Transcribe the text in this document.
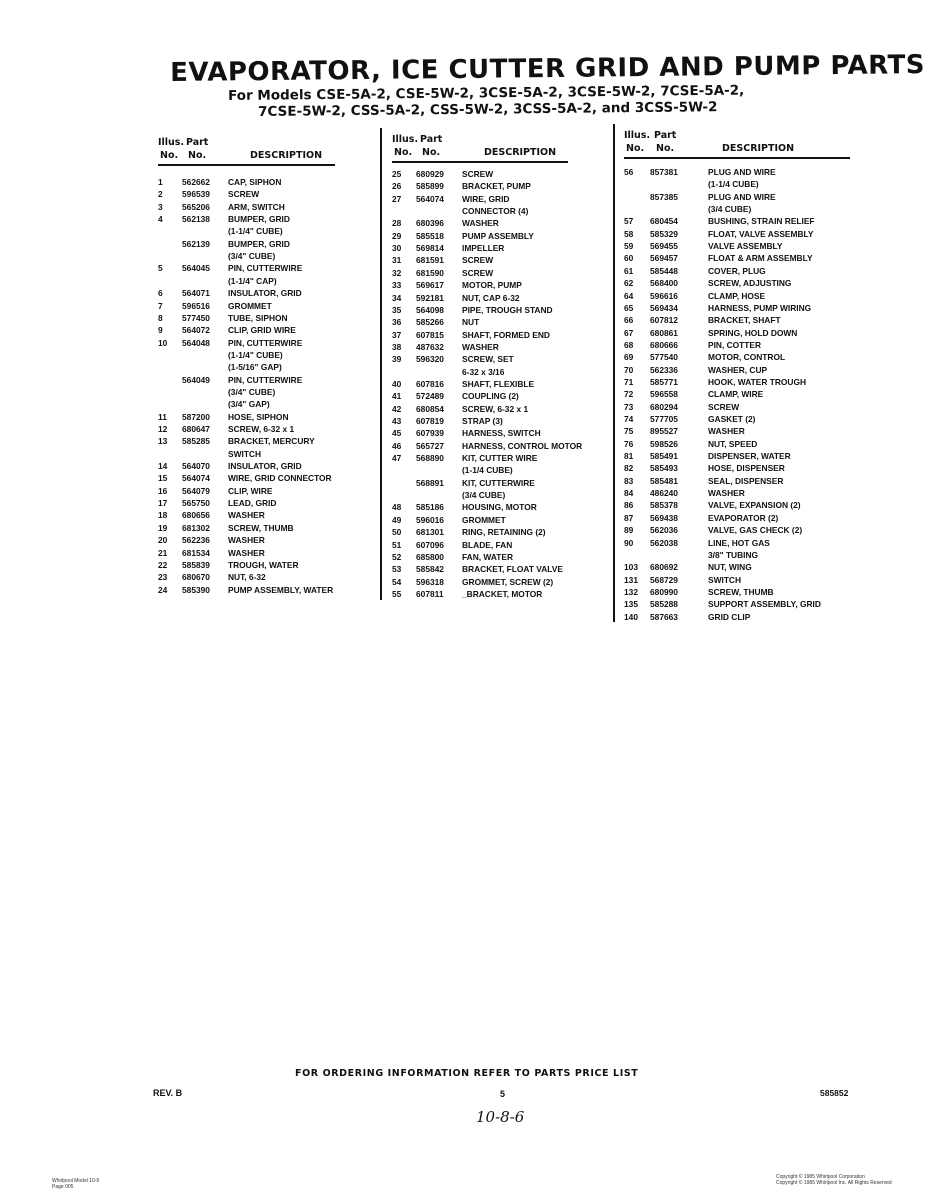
EVAPORATOR, ICE CUTTER GRID AND PUMP PARTS
For Models CSE-5A-2, CSE-5W-2, 3CSE-5A-2, 3CSE-5W-2, 7CSE-5A-2,
7CSE-5W-2, CSS-5A-2, CSS-5W-2, 3CSS-5A-2, and 3CSS-5W-2
Illus.
No.
Part
No.	DESCRIPTION
1 562662 CAP, SIPHON
2 596539 SCREW
3 565206 ARM, SWITCH
4 562138 BUMPER, GRID
(1-1/4" CUBE)
562139 BUMPER, GRID
(3/4" CUBE)
5 564045 PIN, CUTTERWIRE
(1-1/4" CAP)
6 564071 INSULATOR, GRID
7 596516 GROMMET
8 577450 TUBE, SIPHON
9 564072 CLIP, GRID WIRE
10 564048 PIN, CUTTERWIRE
(1-1/4" CUBE)
(1-5/16" GAP)
564049 PIN, CUTTERWIRE
(3/4" CUBE)
(3/4" GAP)
11 587200 HOSE, SIPHON
12 680647 SCREW, 6-32 x 1
13 585285 BRACKET, MERCURY
SWITCH
14 564070 INSULATOR, GRID
15 564074 WIRE, GRID CONNECTOR
16 564079 CLIP, WIRE
17 565750 LEAD, GRID
18 680656 WASHER
19 681302 SCREW, THUMB
20 562236 WASHER
21 681534 WASHER
22 585839 TROUGH, WATER
23 680670 NUT, 6-32
24 585390 PUMP ASSEMBLY, WATER
Illus.
No.
Part
No.	DESCRIPTION
25 680929 SCREW
26 585899 BRACKET, PUMP
27 564074 WIRE, GRID
CONNECTOR (4)
28 680396 WASHER
29 585518 PUMP ASSEMBLY
30 569814 IMPELLER
31 681591 SCREW
32 681590 SCREW
33 569617 MOTOR, PUMP
34 592181 NUT, CAP 6-32
35 564098 PIPE, TROUGH STAND
36 585266 NUT
37 607815 SHAFT, FORMED END
38 487632 WASHER
39 596320 SCREW, SET
6-32 x 3/16
40 607816 SHAFT, FLEXIBLE
41 572489 COUPLING (2)
42 680854 SCREW, 6-32 x 1
43 607819 STRAP (3)
45 607939 HARNESS, SWITCH
46 565727 HARNESS, CONTROL MOTOR
47 568890 KIT, CUTTER WIRE
(1-1/4 CUBE)
568891 KIT, CUTTERWIRE
(3/4 CUBE)
48 585186 HOUSING, MOTOR
49 596016 GROMMET
50 681301 RING, RETAINING (2)
51 607096 BLADE, FAN
52 685800 FAN, WATER
53 585842 BRACKET, FLOAT VALVE
54 596318 GROMMET, SCREW (2)
55 607811 _BRACKET, MOTOR
Illus.
No.
Part
No.	DESCRIPTION
56 857381	PLUG AND WIRE
(1-1/4 CUBE)
857385	PLUG AND WIRE
(3/4 CUBE)
57 680454	BUSHING, STRAIN RELIEF
58 585329	FLOAT, VALVE ASSEMBLY
59 569455	VALVE ASSEMBLY
60 569457	FLOAT & ARM ASSEMBLY
61 585448	COVER, PLUG
62 568400	SCREW, ADJUSTING
64 596616	CLAMP, HOSE
65 569434	HARNESS, PUMP WIRING
66 607812	BRACKET, SHAFT
67 680861	SPRING, HOLD DOWN
68 680666	PIN, COTTER
69 577540	MOTOR, CONTROL
70 562336	WASHER, CUP
71 585771	HOOK, WATER TROUGH
72 596558	CLAMP, WIRE
73 680294	SCREW
74 577705	GASKET (2)
75 895527	WASHER
76 598526	NUT, SPEED
81 585491	DISPENSER, WATER
82 585493	HOSE, DISPENSER
83 585481	SEAL, DISPENSER
84 486240	WASHER
86 585378	VALVE, EXPANSION (2)
87 569438	EVAPORATOR (2)
89 562036	VALVE, GAS CHECK (2)
90 562038	LINE, HOT GAS
3/8" TUBING
103 680692	NUT, WING
131 568729	SWITCH
132 680990	SCREW, THUMB
135 585288	SUPPORT ASSEMBLY, GRID
140 587663	GRID CLIP
FOR ORDERING INFORMATION REFER TO PARTS PRICE LIST
REV. B	5	585852
10-8-6
Whirlpool Model 10-6
Page 005
Copyright © 1985 Whirlpool Corporation
Copyright © 1985 Whirlpool Inc. All Rights Reserved
